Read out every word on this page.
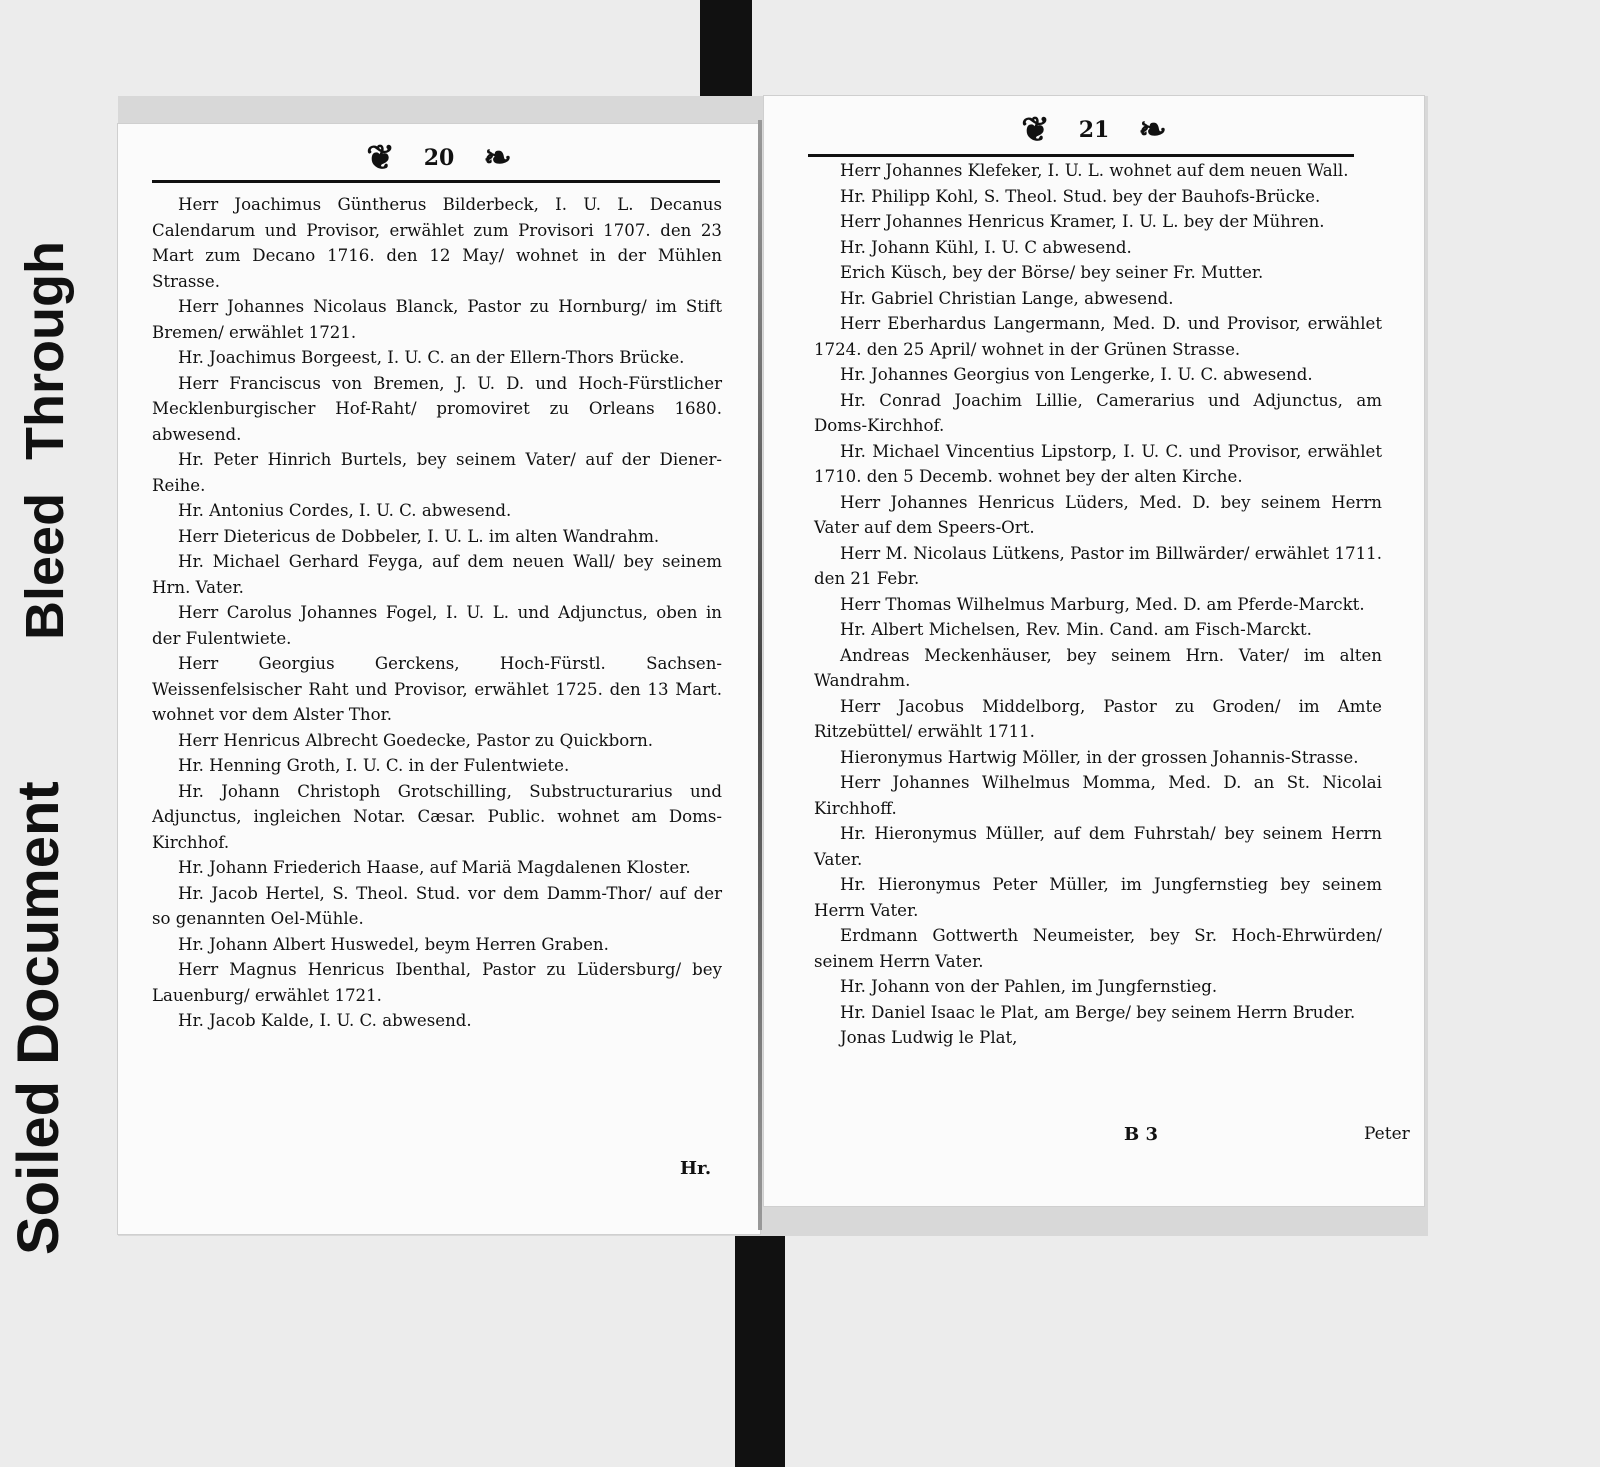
Bleed Through
Soiled Document
❦ 20 ❧

Herr Joachimus Güntherus Bilderbeck, I. U. L. Decanus Calendarum und Provisor, erwählet zum Provisori 1707. den 23 Mart zum Decano 1716. den 12 May/ wohnet in der Mühlen Strasse.

Herr Johannes Nicolaus Blanck, Pastor zu Hornburg/ im Stift Bremen/ erwählet 1721.

Hr. Joachimus Borgeest, I. U. C. an der Ellern-Thors Brücke.

Herr Franciscus von Bremen, J. U. D. und Hoch-Fürstlicher Mecklenburgischer Hof-Raht/ promoviret zu Orleans 1680. abwesend.

Hr. Peter Hinrich Burtels, bey seinem Vater/ auf der Diener-Reihe.

Hr. Antonius Cordes, I. U. C. abwesend.

Herr Dietericus de Dobbeler, I. U. L. im alten Wandrahm.

Hr. Michael Gerhard Feyga, auf dem neuen Wall/ bey seinem Hrn. Vater.

Herr Carolus Johannes Fogel, I. U. L. und Adjunctus, oben in der Fulentwiete.

Herr Georgius Gerckens, Hoch-Fürstl. Sachsen-Weissenfelsischer Raht und Provisor, erwählet 1725. den 13 Mart. wohnet vor dem Alster Thor.

Herr Henricus Albrecht Goedecke, Pastor zu Quickborn.

Hr. Henning Groth, I. U. C. in der Fulentwiete.

Hr. Johann Christoph Grotschilling, Substructurarius und Adjunctus, ingleichen Notar. Cæsar. Public. wohnet am Doms-Kirchhof.

Hr. Johann Friederich Haase, auf Mariä Magdalenen Kloster.

Hr. Jacob Hertel, S. Theol. Stud. vor dem Damm-Thor/ auf der so genannten Oel-Mühle.

Hr. Johann Albert Huswedel, beym Herren Graben.

Herr Magnus Henricus Ibenthal, Pastor zu Lüdersburg/ bey Lauenburg/ erwählet 1721.

Hr. Jacob Kalde, I. U. C. abwesend.

Hr.
❦ 21 ❧

Herr Johannes Klefeker, I. U. L. wohnet auf dem neuen Wall.

Hr. Philipp Kohl, S. Theol. Stud. bey der Bauhofs-Brücke.

Herr Johannes Henricus Kramer, I. U. L. bey der Mühren.

Hr. Johann Kühl, I. U. C abwesend.

Erich Küsch, bey der Börse/ bey seiner Fr. Mutter.

Hr. Gabriel Christian Lange, abwesend.

Herr Eberhardus Langermann, Med. D. und Provisor, erwählet 1724. den 25 April/ wohnet in der Grünen Strasse.

Hr. Johannes Georgius von Lengerke, I. U. C. abwesend.

Hr. Conrad Joachim Lillie, Camerarius und Adjunctus, am Doms-Kirchhof.

Hr. Michael Vincentius Lipstorp, I. U. C. und Provisor, erwählet 1710. den 5 Decemb. wohnet bey der alten Kirche.

Herr Johannes Henricus Lüders, Med. D. bey seinem Herrn Vater auf dem Speers-Ort.

Herr M. Nicolaus Lütkens, Pastor im Billwärder/ erwählet 1711. den 21 Febr.

Herr Thomas Wilhelmus Marburg, Med. D. am Pferde-Marckt.

Hr. Albert Michelsen, Rev. Min. Cand. am Fisch-Marckt.

Andreas Meckenhäuser, bey seinem Hrn. Vater/ im alten Wandrahm.

Herr Jacobus Middelborg, Pastor zu Groden/ im Amte Ritzebüttel/ erwählt 1711.

Hieronymus Hartwig Möller, in der grossen Johannis-Strasse.

Herr Johannes Wilhelmus Momma, Med. D. an St. Nicolai Kirchhoff.

Hr. Hieronymus Müller, auf dem Fuhrstah/ bey seinem Herrn Vater.

Hr. Hieronymus Peter Müller, im Jungfernstieg bey seinem Herrn Vater.

Erdmann Gottwerth Neumeister, bey Sr. Hoch-Ehrwürden/ seinem Herrn Vater.

Hr. Johann von der Pahlen, im Jungfernstieg.

Hr. Daniel Isaac le Plat, am Berge/ bey seinem Herrn Bruder.

Jonas Ludwig le Plat,

B 3	Peter
